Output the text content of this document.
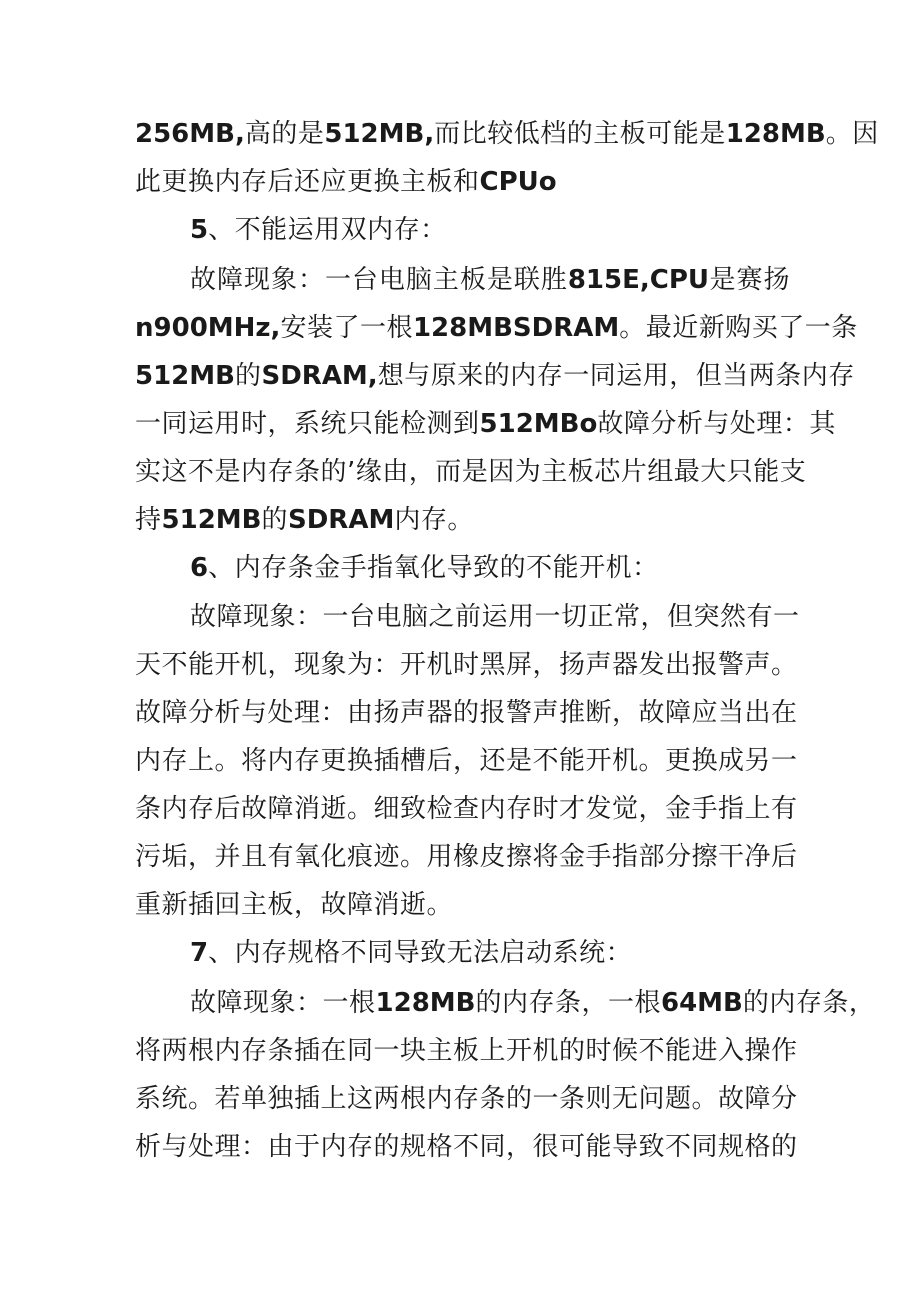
256MB,高的是512MB,而比较低档的主板可能是128MB。因
此更换内存后还应更换主板和CPUo
5、不能运用双内存：
故障现象：一台电脑主板是联胜815E,CPU是赛扬
n900MHz,安装了一根128MBSDRAM。最近新购买了一条
512MB的SDRAM,想与原来的内存一同运用，但当两条内存
一同运用时，系统只能检测到512MBo故障分析与处理：其
实这不是内存条的’缘由，而是因为主板芯片组最大只能支
持512MB的SDRAM内存。
6、内存条金手指氧化导致的不能开机：
故障现象：一台电脑之前运用一切正常，但突然有一
天不能开机，现象为：开机时黑屏，扬声器发出报警声。
故障分析与处理：由扬声器的报警声推断，故障应当出在
内存上。将内存更换插槽后，还是不能开机。更换成另一
条内存后故障消逝。细致检查内存时才发觉，金手指上有
污垢，并且有氧化痕迹。用橡皮擦将金手指部分擦干净后
重新插回主板，故障消逝。
7、内存规格不同导致无法启动系统：
故障现象：一根128MB的内存条，一根64MB的内存条，
将两根内存条插在同一块主板上开机的时候不能进入操作
系统。若单独插上这两根内存条的一条则无问题。故障分
析与处理：由于内存的规格不同，很可能导致不同规格的
